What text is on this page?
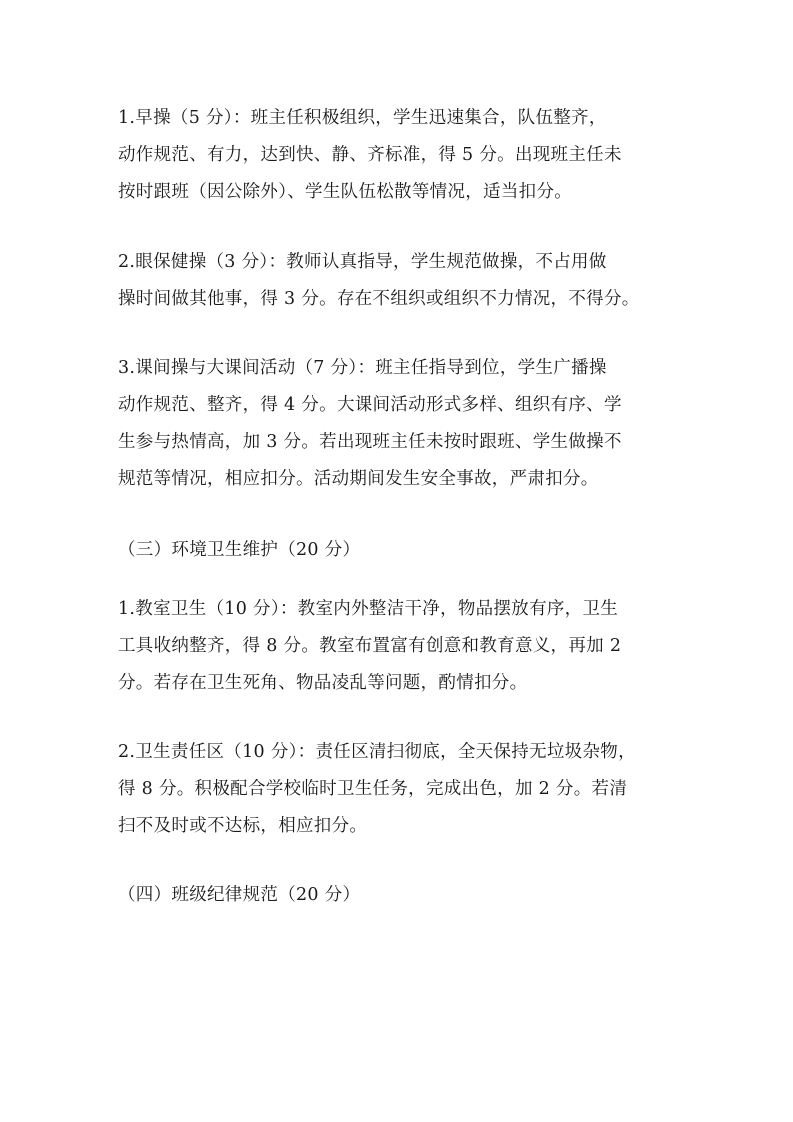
1.早操（5 分）：班主任积极组织，学生迅速集合，队伍整齐，
动作规范、有力，达到快、静、齐标准，得 5 分。出现班主任未
按时跟班（因公除外）、学生队伍松散等情况，适当扣分。

2.眼保健操（3 分）：教师认真指导，学生规范做操，不占用做
操时间做其他事，得 3 分。存在不组织或组织不力情况，不得分。

3.课间操与大课间活动（7 分）：班主任指导到位，学生广播操
动作规范、整齐，得 4 分。大课间活动形式多样、组织有序、学
生参与热情高，加 3 分。若出现班主任未按时跟班、学生做操不
规范等情况，相应扣分。活动期间发生安全事故，严肃扣分。

（三）环境卫生维护（20 分）

1.教室卫生（10 分）：教室内外整洁干净，物品摆放有序，卫生
工具收纳整齐，得 8 分。教室布置富有创意和教育意义，再加 2
分。若存在卫生死角、物品凌乱等问题，酌情扣分。

2.卫生责任区（10 分）：责任区清扫彻底，全天保持无垃圾杂物，
得 8 分。积极配合学校临时卫生任务，完成出色，加 2 分。若清
扫不及时或不达标，相应扣分。

（四）班级纪律规范（20 分）
